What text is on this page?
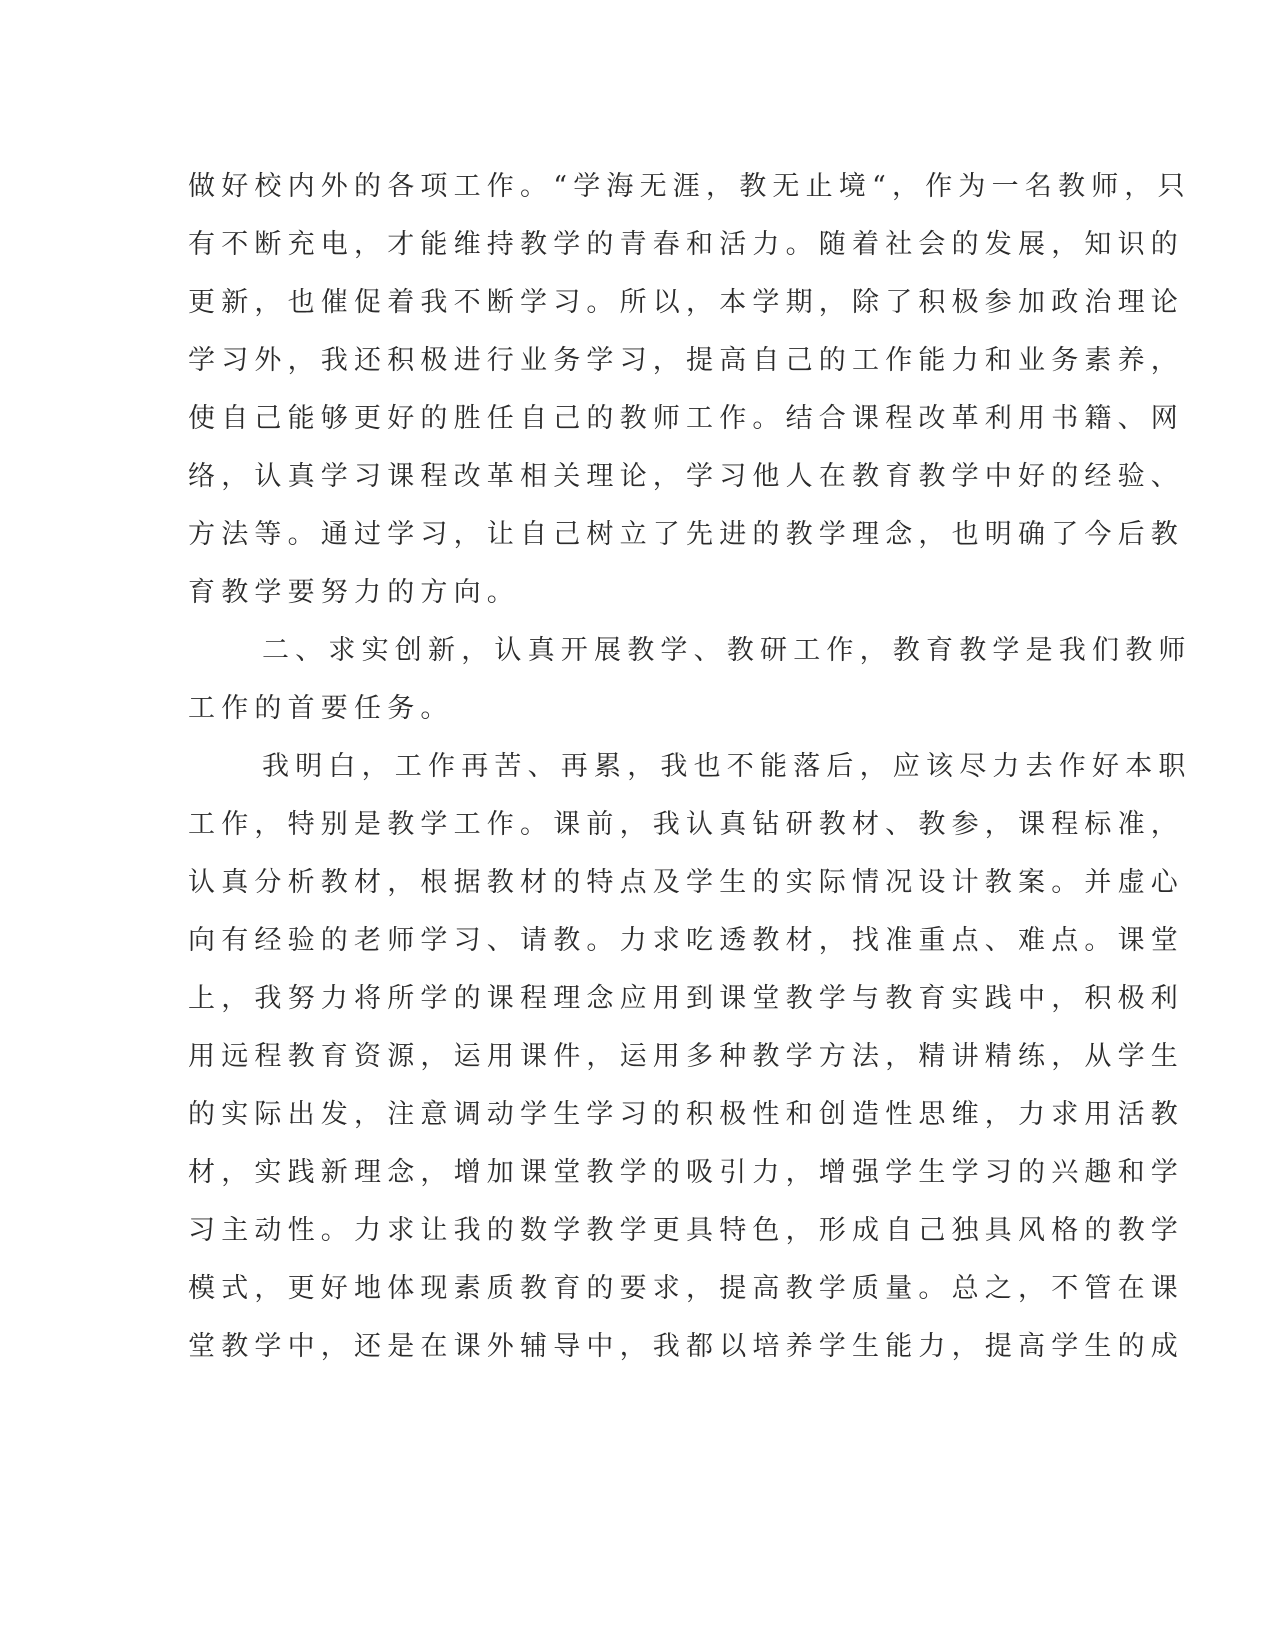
做好校内外的各项工作。“学海无涯，教无止境“，作为一名教师，只
有不断充电，才能维持教学的青春和活力。随着社会的发展，知识的
更新，也催促着我不断学习。所以，本学期，除了积极参加政治理论
学习外，我还积极进行业务学习，提高自己的工作能力和业务素养，
使自己能够更好的胜任自己的教师工作。结合课程改革利用书籍、网
络，认真学习课程改革相关理论，学习他人在教育教学中好的经验、
方法等。通过学习，让自己树立了先进的教学理念，也明确了今后教
育教学要努力的方向。

二、求实创新，认真开展教学、教研工作，教育教学是我们教师
工作的首要任务。

我明白，工作再苦、再累，我也不能落后，应该尽力去作好本职
工作，特别是教学工作。课前，我认真钻研教材、教参，课程标准，
认真分析教材，根据教材的特点及学生的实际情况设计教案。并虚心
向有经验的老师学习、请教。力求吃透教材，找准重点、难点。课堂
上，我努力将所学的课程理念应用到课堂教学与教育实践中，积极利
用远程教育资源，运用课件，运用多种教学方法，精讲精练，从学生
的实际出发，注意调动学生学习的积极性和创造性思维，力求用活教
材，实践新理念，增加课堂教学的吸引力，增强学生学习的兴趣和学
习主动性。力求让我的数学教学更具特色，形成自己独具风格的教学
模式，更好地体现素质教育的要求，提高教学质量。总之，不管在课
堂教学中，还是在课外辅导中，我都以培养学生能力，提高学生的成
